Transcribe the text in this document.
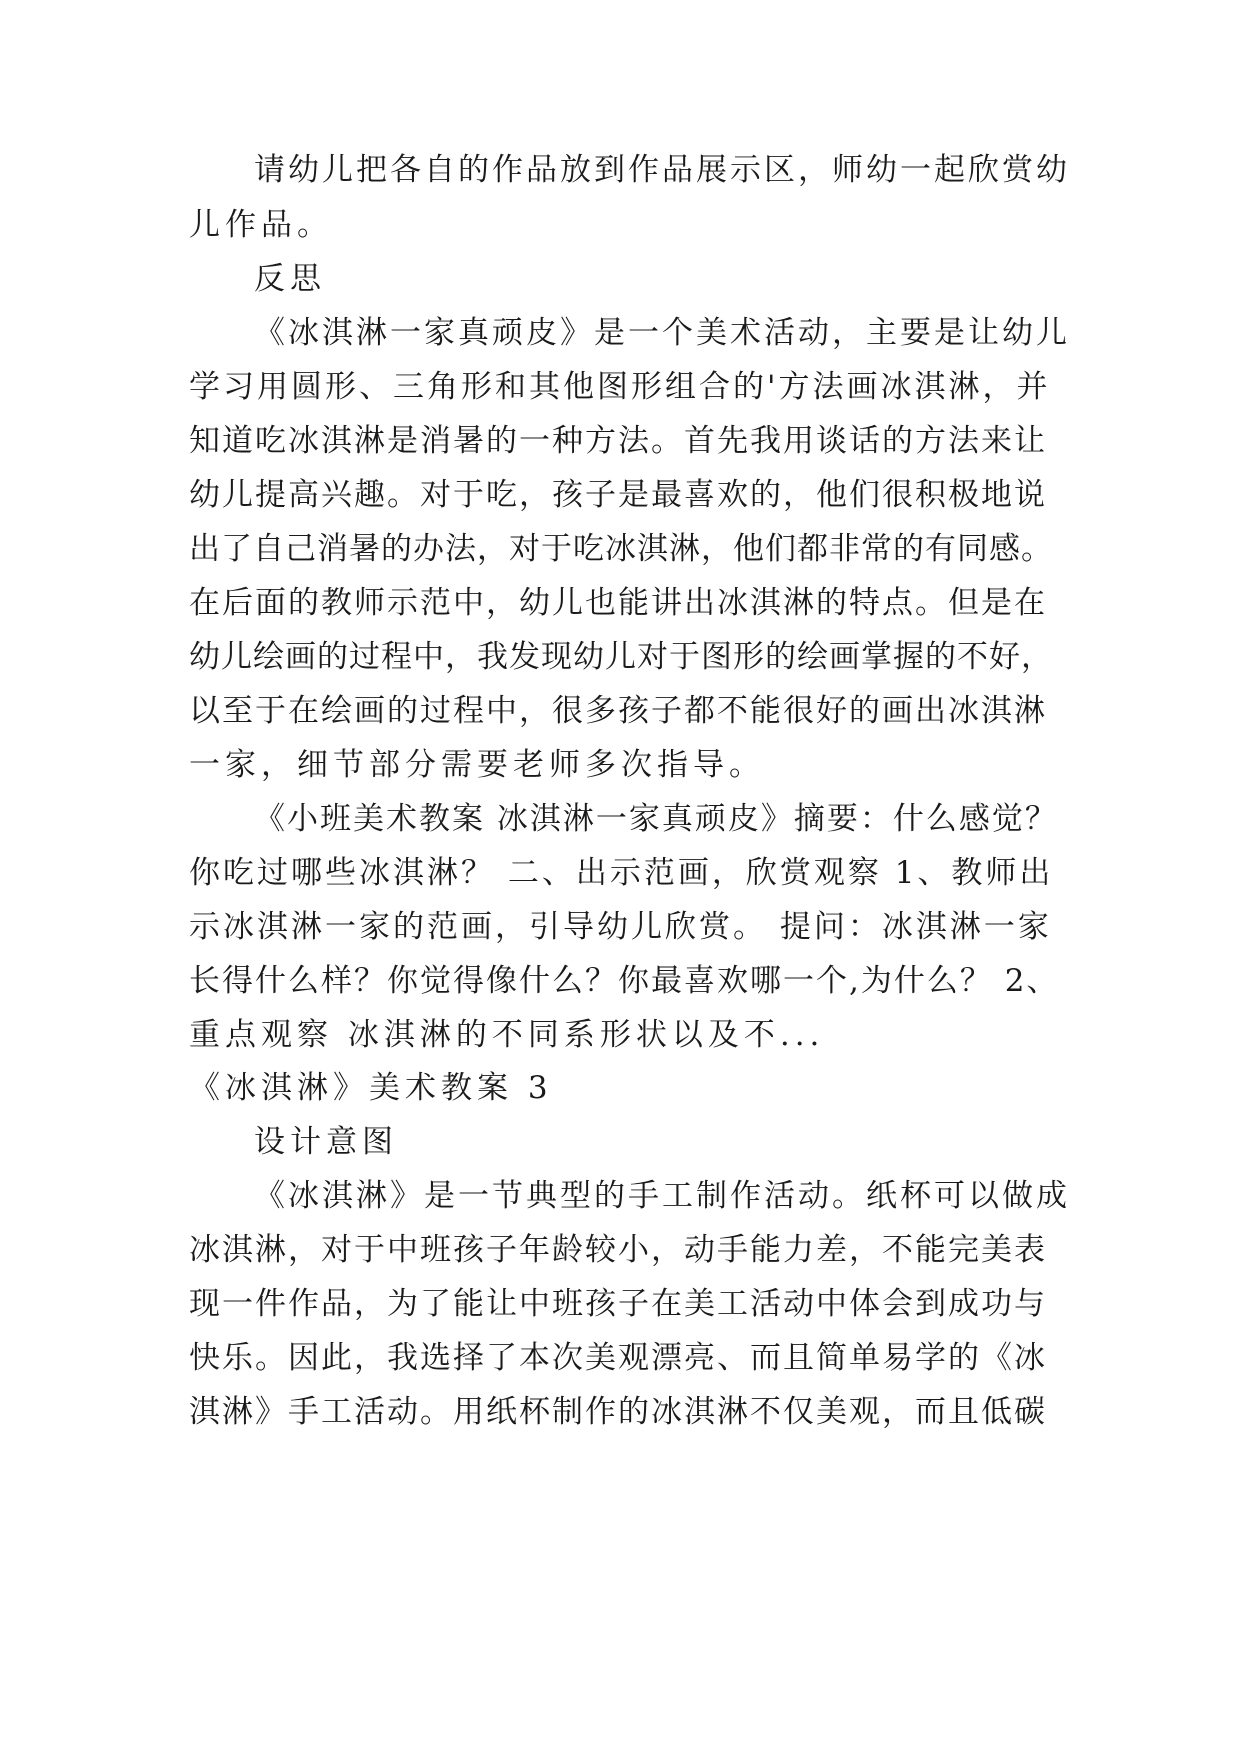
请幼儿把各自的作品放到作品展示区，师幼一起欣赏幼
儿作品。
反思
《冰淇淋一家真顽皮》是一个美术活动，主要是让幼儿
学习用圆形、三角形和其他图形组合的'方法画冰淇淋，并
知道吃冰淇淋是消暑的一种方法。首先我用谈话的方法来让
幼儿提高兴趣。对于吃，孩子是最喜欢的，他们很积极地说
出了自己消暑的办法，对于吃冰淇淋，他们都非常的有同感。
在后面的教师示范中，幼儿也能讲出冰淇淋的特点。但是在
幼儿绘画的过程中，我发现幼儿对于图形的绘画掌握的不好，
以至于在绘画的过程中，很多孩子都不能很好的画出冰淇淋
一家，细节部分需要老师多次指导。
《小班美术教案 冰淇淋一家真顽皮》摘要：什么感觉？
你吃过哪些冰淇淋？ 二、出示范画，欣赏观察 1、教师出
示冰淇淋一家的范画，引导幼儿欣赏。 提问：冰淇淋一家
长得什么样？你觉得像什么？你最喜欢哪一个,为什么？ 2、
重点观察 冰淇淋的不同系形状以及不...
《冰淇淋》美术教案 3
设计意图
《冰淇淋》是一节典型的手工制作活动。纸杯可以做成
冰淇淋，对于中班孩子年龄较小，动手能力差，不能完美表
现一件作品，为了能让中班孩子在美工活动中体会到成功与
快乐。因此，我选择了本次美观漂亮、而且简单易学的《冰
淇淋》手工活动。用纸杯制作的冰淇淋不仅美观，而且低碳
